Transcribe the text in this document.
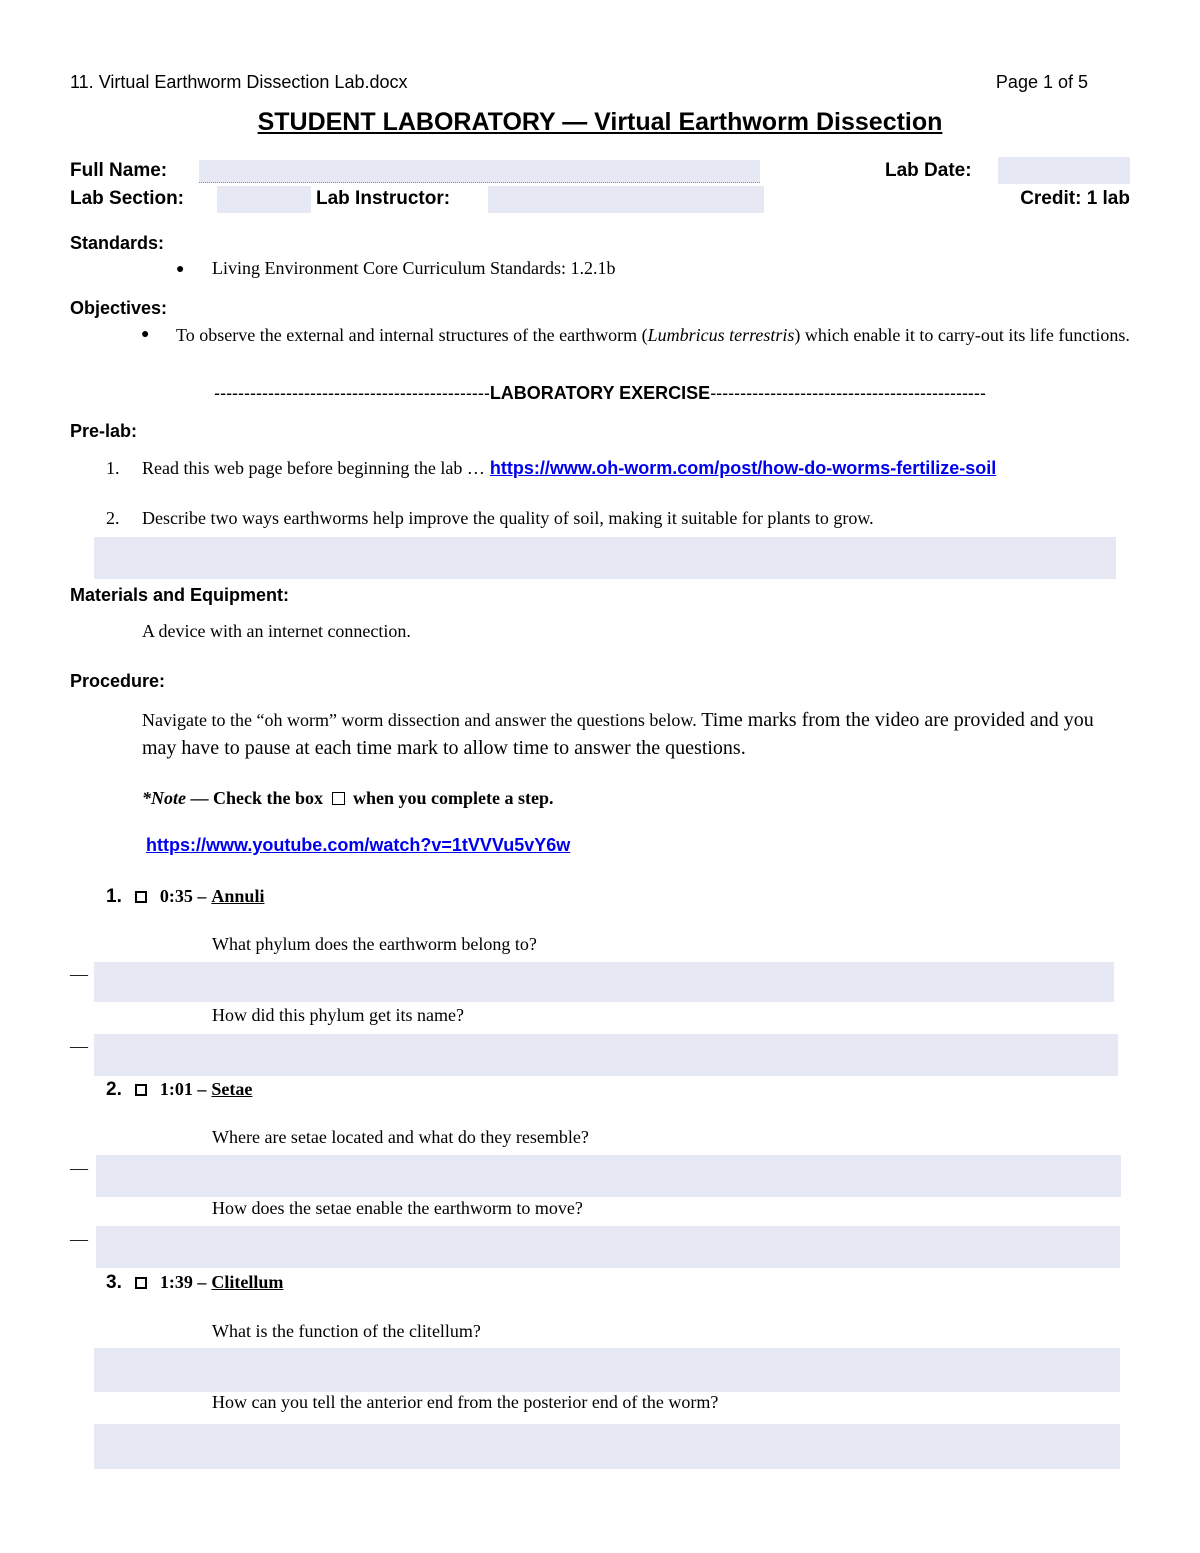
11. Virtual Earthworm Dissection Lab.docx	Page 1 of 5
STUDENT LABORATORY — Virtual Earthworm Dissection
Full Name:	Lab Date:
Lab Section:	Lab Instructor:	Credit: 1 lab
Standards:
● Living Environment Core Curriculum Standards: 1.2.1b
Objectives:
● To observe the external and internal structures of the earthworm (Lumbricus terrestris) which enable it to carry-out its life functions.
----------------------------------------------LABORATORY EXERCISE----------------------------------------------
Pre-lab:
1. Read this web page before beginning the lab … https://www.oh-worm.com/post/how-do-worms-fertilize-soil
2. Describe two ways earthworms help improve the quality of soil, making it suitable for plants to grow.
Materials and Equipment:
A device with an internet connection.
Procedure:
Navigate to the “oh worm” worm dissection and answer the questions below. Time marks from the video are provided and you may have to pause at each time mark to allow time to answer the questions.
*Note — Check the box  when you complete a step.
https://www.youtube.com/watch?v=1tVVVu5vY6w
1. 0:35 – Annuli
What phylum does the earthworm belong to?
—
How did this phylum get its name?
—
2. 1:01 – Setae
Where are setae located and what do they resemble?
—
How does the setae enable the earthworm to move?
—
3. 1:39 – Clitellum
What is the function of the clitellum?
How can you tell the anterior end from the posterior end of the worm?
